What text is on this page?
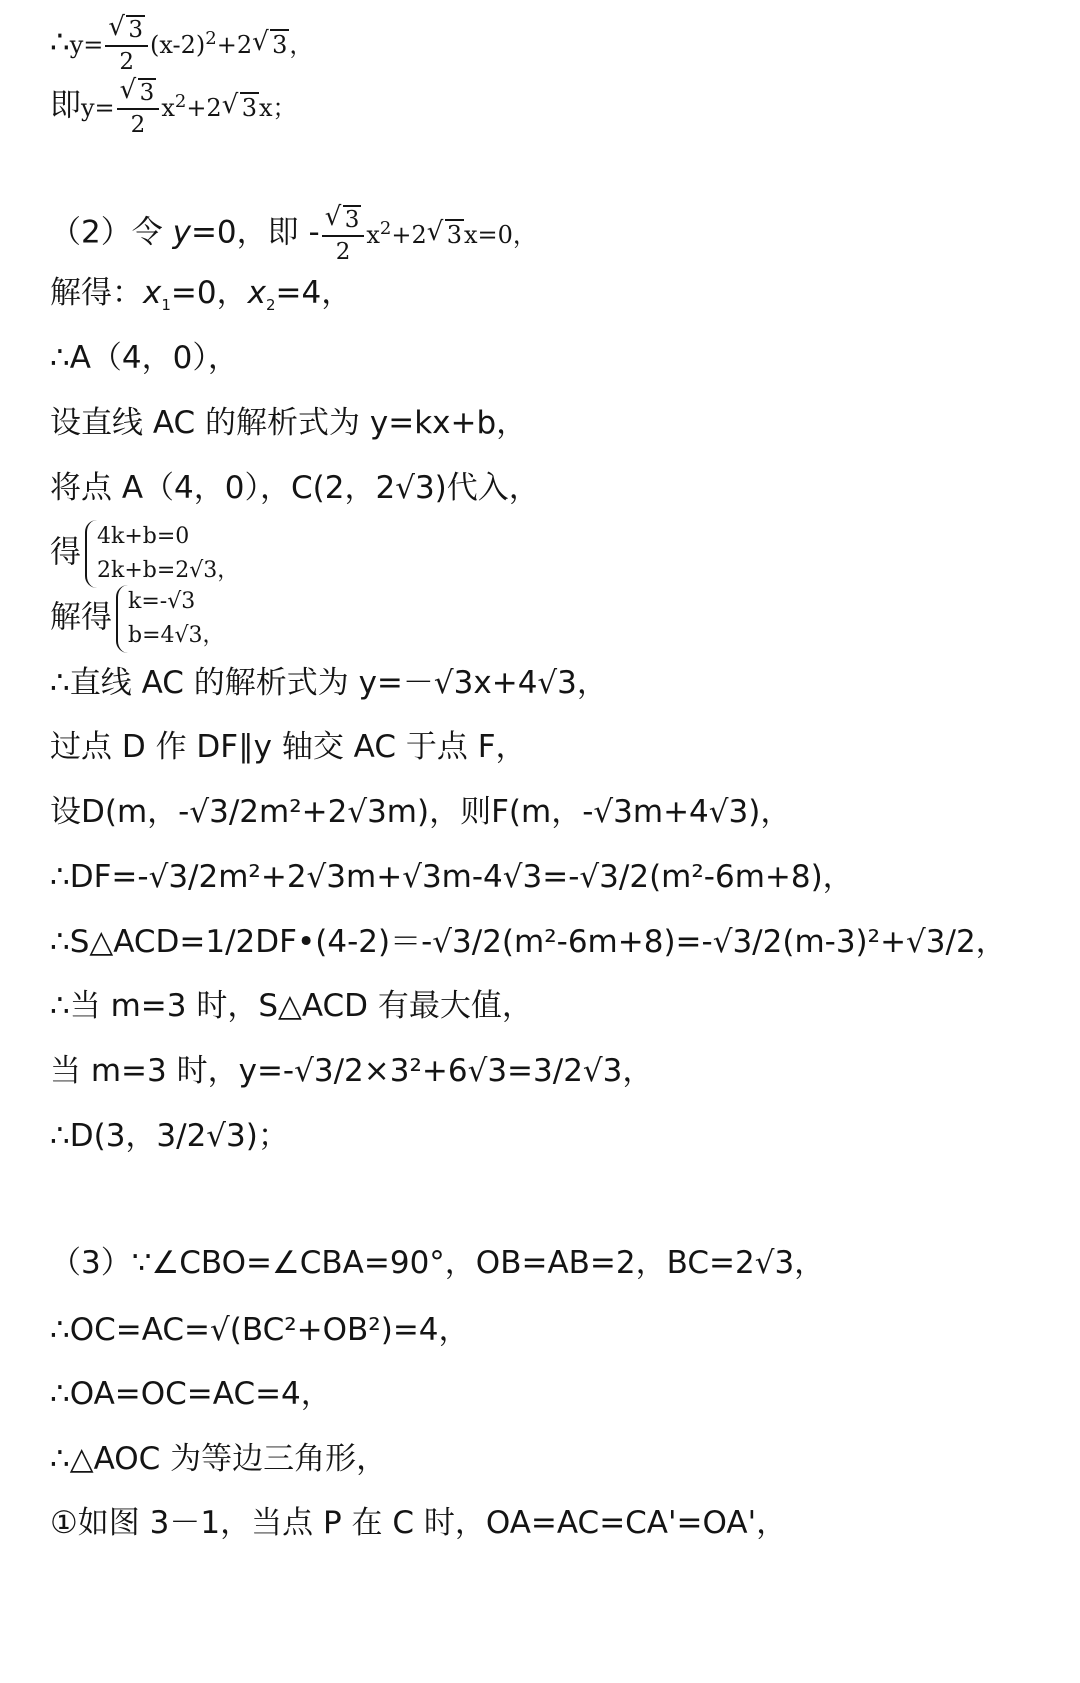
∴y=
√ $\frac{3}{2} (x-2)^2+2√$ 3，
即y=
√ $\frac{3}{2} x^2+2√$ 3x；
（2）令 y=0，即 -
√ $\frac{3}{2} x^2+2√$ 3x=0，
解得：$x_1=0$，$x_2=4$，
∴A（4，0），
设直线 AC 的解析式为 y=kx+b，
将点 A（4，0），C(2，2√3)代入，
得 4k+b=0
2k+b=2√3，
解得 k=-√3
b=4√3，
∴直线 AC 的解析式为 y=－√3x+4√3，
过点 D 作 DF∥y 轴交 AC 于点 F，
设D(m，-√3/2m²+2√3m)，则F(m，-√3m+4√3)，
∴DF=-√3/2m²+2√3m+√3m-4√3=-√3/2(m²-6m+8)，
∴S△ACD=1/2DF•(4-2)＝-√3/2(m²-6m+8)=-√3/2(m-3)²+√3/2，
∴当 m=3 时，S△ACD 有最大值，
当 m=3 时，y=-√3/2×3²+6√3=3/2√3，
∴D(3，3/2√3)；
（3）∵∠CBO=∠CBA=90°，OB=AB=2，BC=2√3，
∴OC=AC=√(BC²+OB²)=4，
∴OA=OC=AC=4，
∴△AOC 为等边三角形，
①如图 3－1，当点 P 在 C 时，OA=AC=CA'=OA'，
